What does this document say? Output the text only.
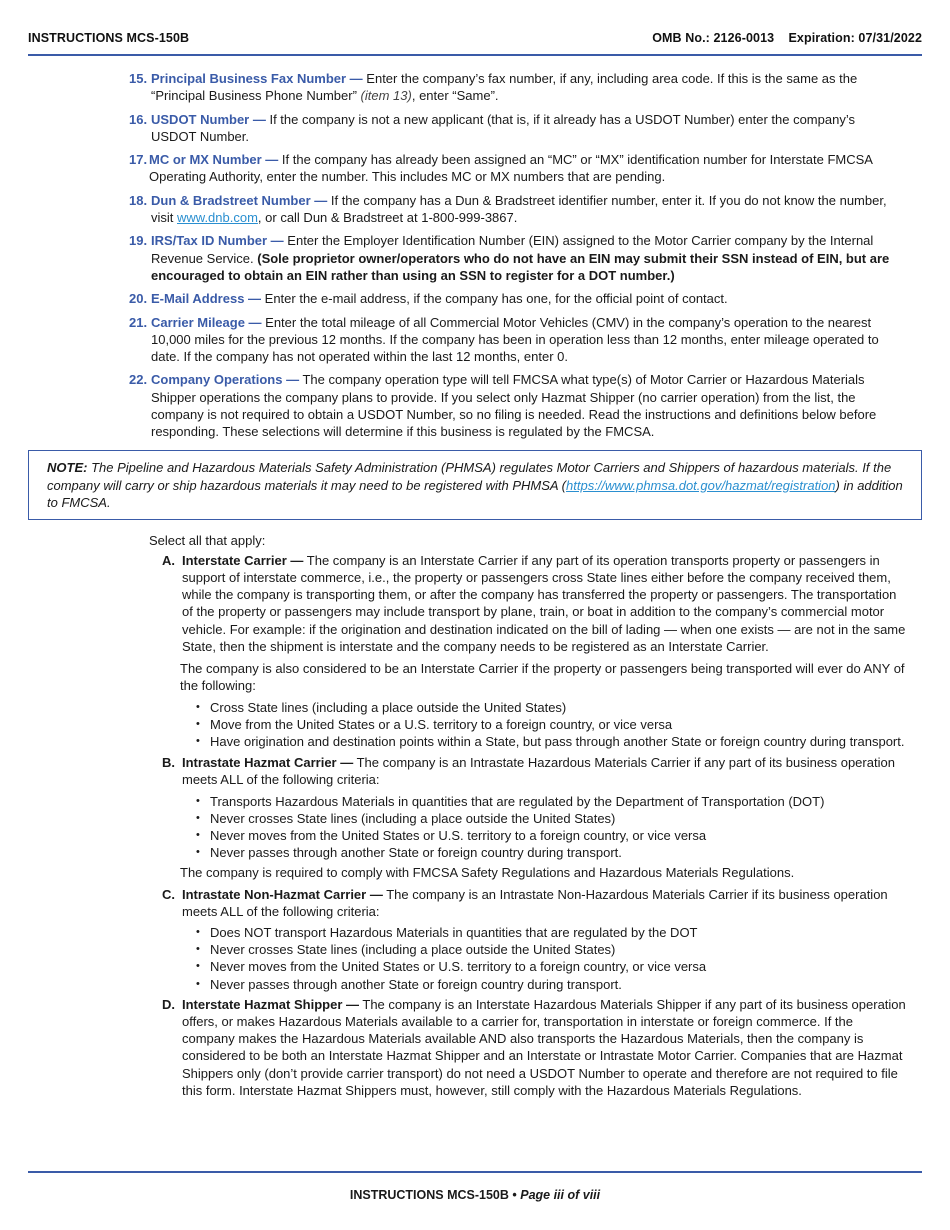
INSTRUCTIONS MCS-150B	OMB No.: 2126-0013    Expiration: 07/31/2022
15. Principal Business Fax Number — Enter the company’s fax number, if any, including area code. If this is the same as the “Principal Business Phone Number” (item 13), enter “Same”.
16. USDOT Number — If the company is not a new applicant (that is, if it already has a USDOT Number) enter the company’s USDOT Number.
17. MC or MX Number — If the company has already been assigned an “MC” or “MX” identification number for Interstate FMCSA Operating Authority, enter the number. This includes MC or MX numbers that are pending.
18. Dun & Bradstreet Number — If the company has a Dun & Bradstreet identifier number, enter it. If you do not know the number, visit www.dnb.com, or call Dun & Bradstreet at 1-800-999-3867.
19. IRS/Tax ID Number — Enter the Employer Identification Number (EIN) assigned to the Motor Carrier company by the Internal Revenue Service. (Sole proprietor owner/operators who do not have an EIN may submit their SSN instead of EIN, but are encouraged to obtain an EIN rather than using an SSN to register for a DOT number.)
20. E-Mail Address — Enter the e-mail address, if the company has one, for the official point of contact.
21. Carrier Mileage — Enter the total mileage of all Commercial Motor Vehicles (CMV) in the company’s operation to the nearest 10,000 miles for the previous 12 months. If the company has been in operation less than 12 months, enter mileage operated to date. If the company has not operated within the last 12 months, enter 0.
22. Company Operations — The company operation type will tell FMCSA what type(s) of Motor Carrier or Hazardous Materials Shipper operations the company plans to provide. If you select only Hazmat Shipper (no carrier operation) from the list, the company is not required to obtain a USDOT Number, so no filing is needed. Read the instructions and definitions below before responding. These selections will determine if this business is regulated by the FMCSA.
NOTE: The Pipeline and Hazardous Materials Safety Administration (PHMSA) regulates Motor Carriers and Shippers of hazardous materials. If the company will carry or ship hazardous materials it may need to be registered with PHMSA (https://www.phmsa.dot.gov/hazmat/registration) in addition to FMCSA.
Select all that apply:
A. Interstate Carrier — The company is an Interstate Carrier if any part of its operation transports property or passengers in support of interstate commerce, i.e., the property or passengers cross State lines either before the company received them, while the company is transporting them, or after the company has transferred the property or passengers. The transportation of the property or passengers may include transport by plane, train, or boat in addition to the company’s commercial motor vehicle. For example: if the origination and destination indicated on the bill of lading — when one exists — are not in the same State, then the shipment is interstate and the company needs to be registered as an Interstate Carrier.
The company is also considered to be an Interstate Carrier if the property or passengers being transported will ever do ANY of the following:
• Cross State lines (including a place outside the United States)
• Move from the United States or a U.S. territory to a foreign country, or vice versa
• Have origination and destination points within a State, but pass through another State or foreign country during transport.
B. Intrastate Hazmat Carrier — The company is an Intrastate Hazardous Materials Carrier if any part of its business operation meets ALL of the following criteria:
• Transports Hazardous Materials in quantities that are regulated by the Department of Transportation (DOT)
• Never crosses State lines (including a place outside the United States)
• Never moves from the United States or U.S. territory to a foreign country, or vice versa
• Never passes through another State or foreign country during transport.
The company is required to comply with FMCSA Safety Regulations and Hazardous Materials Regulations.
C. Intrastate Non-Hazmat Carrier — The company is an Intrastate Non-Hazardous Materials Carrier if its business operation meets ALL of the following criteria:
• Does NOT transport Hazardous Materials in quantities that are regulated by the DOT
• Never crosses State lines (including a place outside the United States)
• Never moves from the United States or U.S. territory to a foreign country, or vice versa
• Never passes through another State or foreign country during transport.
D. Interstate Hazmat Shipper — The company is an Interstate Hazardous Materials Shipper if any part of its business operation offers, or makes Hazardous Materials available to a carrier for, transportation in interstate or foreign commerce. If the company makes the Hazardous Materials available AND also transports the Hazardous Materials, then the company is considered to be both an Interstate Hazmat Shipper and an Interstate or Intrastate Motor Carrier. Companies that are Hazmat Shippers only (don’t provide carrier transport) do not need a USDOT Number to operate and therefore are not required to file this form. Interstate Hazmat Shippers must, however, still comply with the Hazardous Materials Regulations.
INSTRUCTIONS MCS-150B • Page iii of viii
